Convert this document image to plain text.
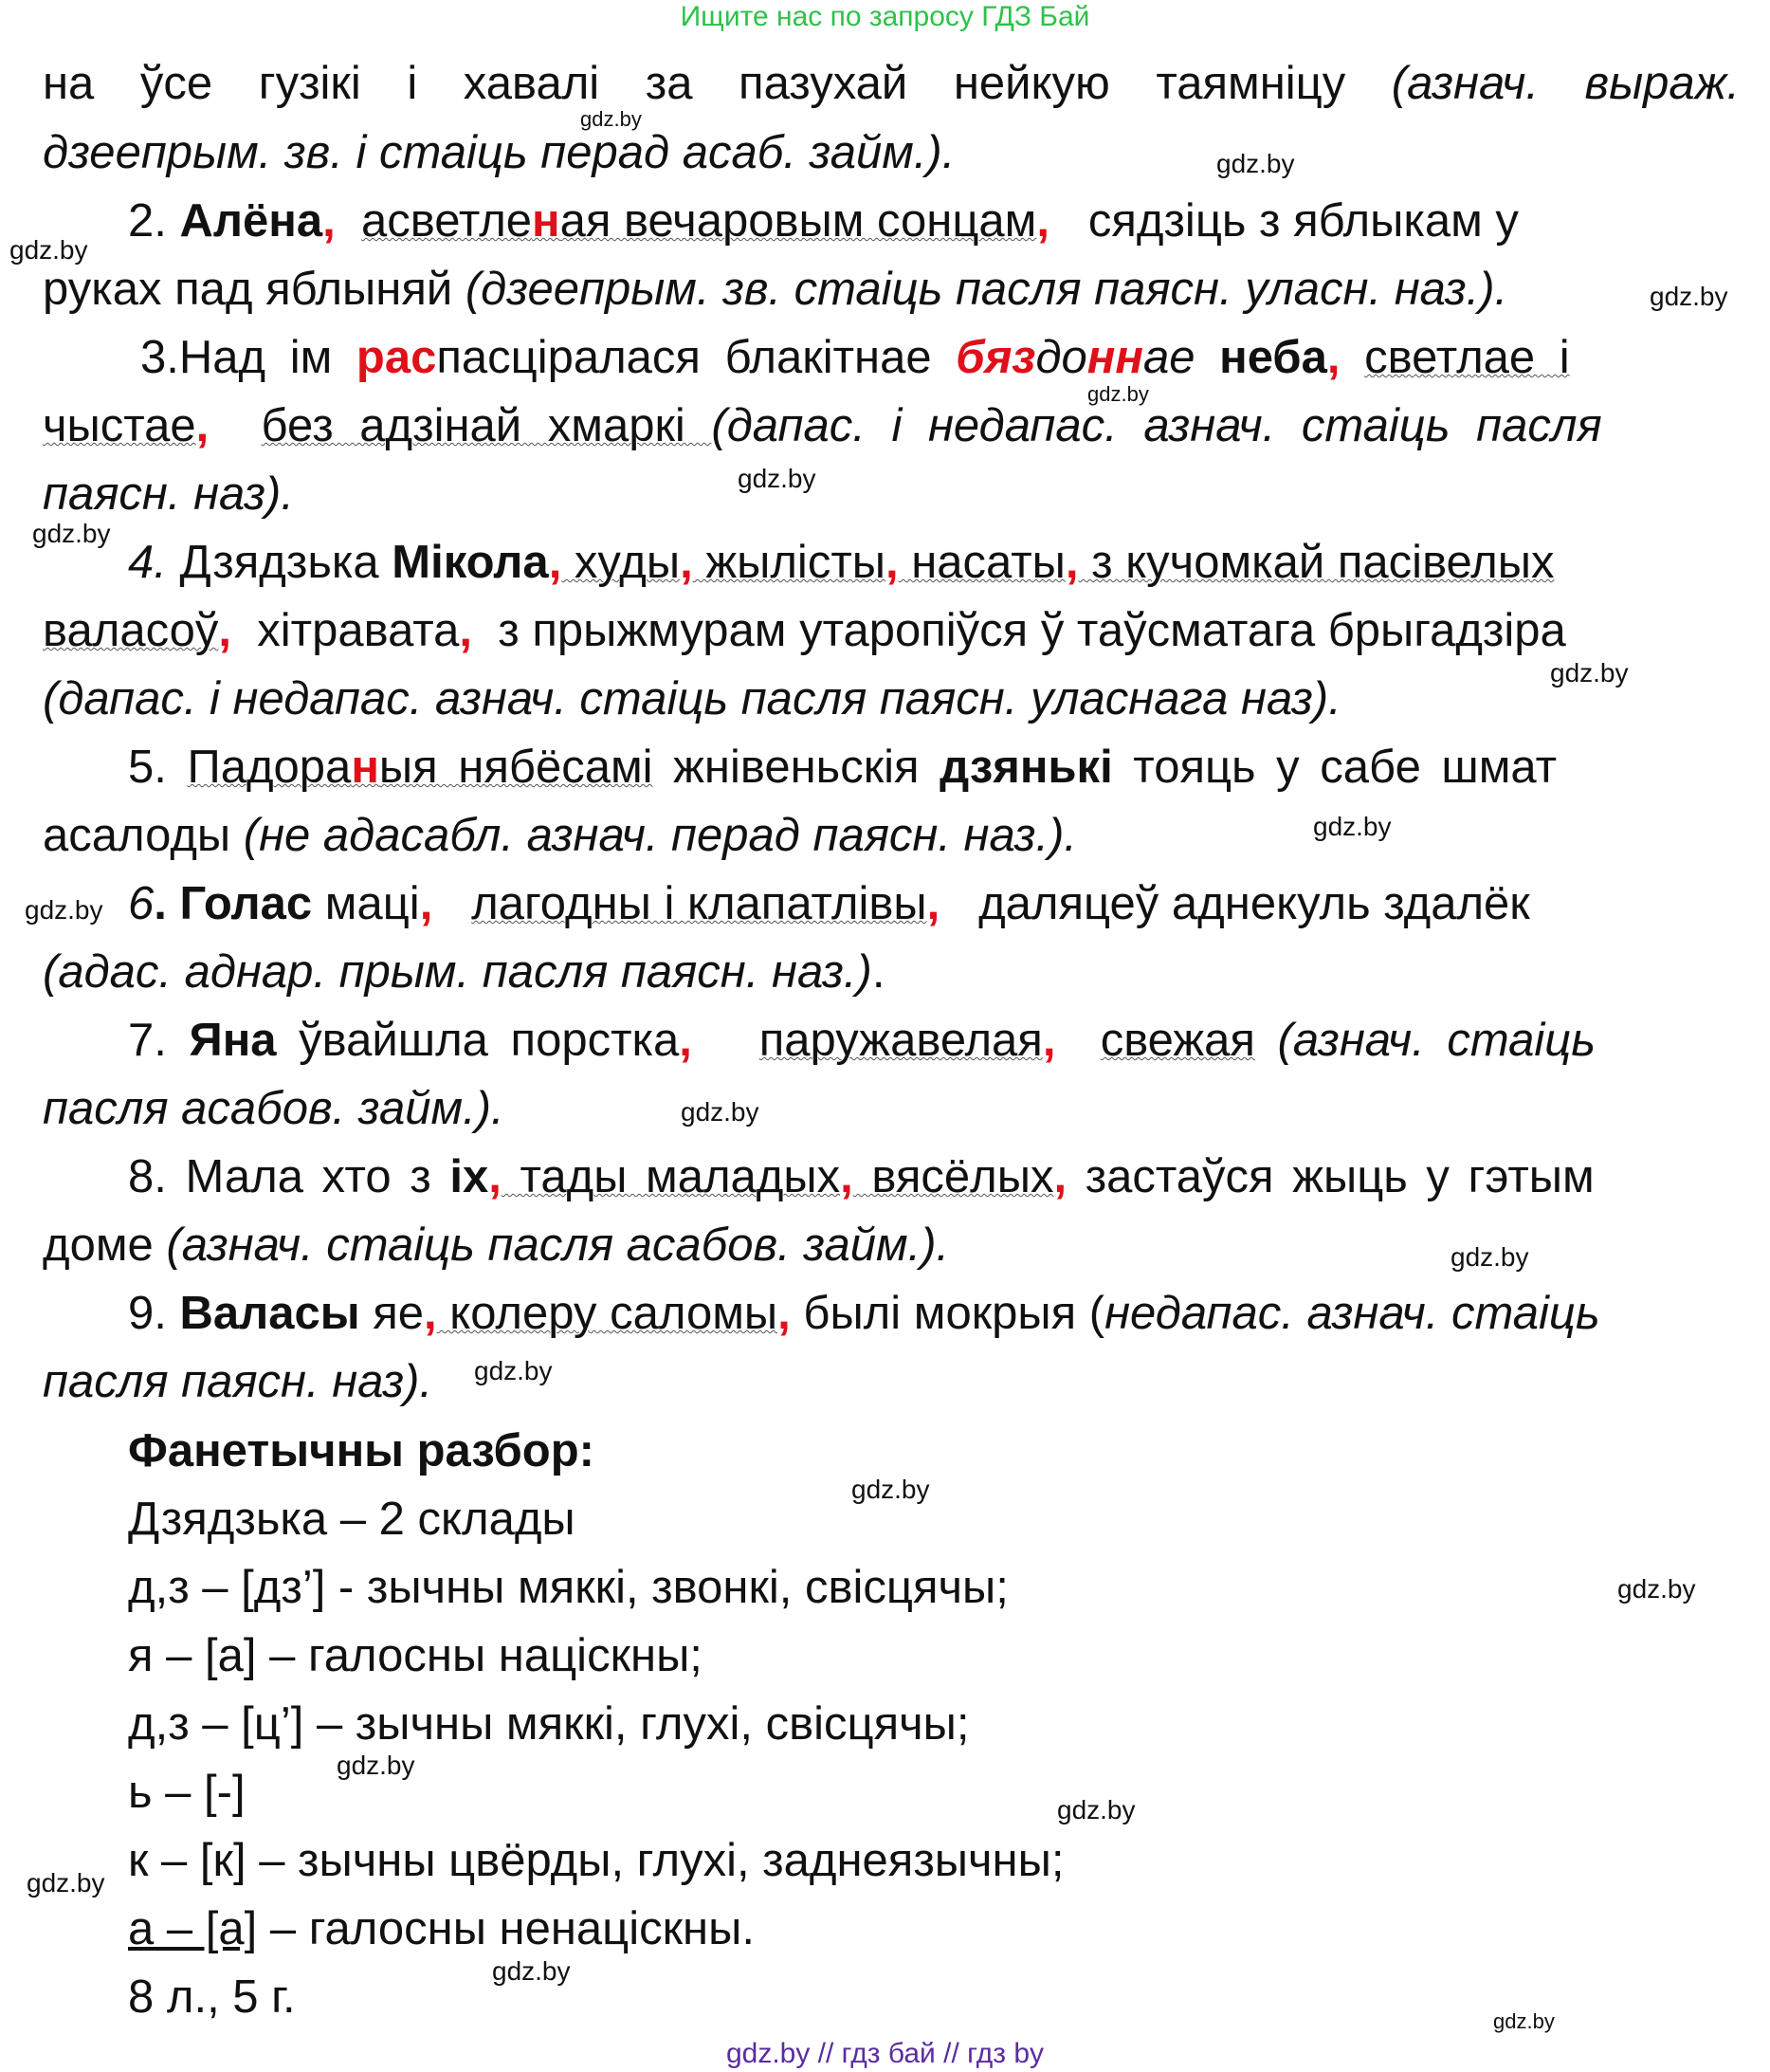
Ищите нас по запросу ГДЗ Бай
на ўсе гузікі і хавалі за пазухай нейкую таямніцу (азнач. выраж.
дзеепрым. зв. і стаіць перад асаб. займ.).
2. Алёна, асветленая вечаровым сонцам, сядзіць з яблыкам у
руках пад яблыняй (дзеепрым. зв. стаіць пасля паясн. уласн. наз.).
3.Над ім распасціралася блакітнае бяздоннае неба, светлае і
чыстае, без адзінай хмаркі (дапас. і недапас. азнач. стаіць пасля
паясн. наз).
4. Дзядзька Мікола, худы, жылісты, насаты, з кучомкай пасівелых
валасоў, хітравата, з прыжмурам утаропіўся ў таўсматага брыгадзіра
(дапас. і недапас. азнач. стаіць пасля паясн. уласнага наз).
5. Падораныя нябёсамі жнівеньскія дзянькі тояць у сабе шмат
асалоды (не адасабл. азнач. перад паясн. наз.).
6. Голас маці, лагодны і клапатлівы, даляцеў аднекуль здалёк
(адас. аднар. прым. пасля паясн. наз.).
7. Яна ўвайшла порстка, паружавелая, свежая (азнач. стаіць
пасля асабов. займ.).
8. Мала хто з іх, тады маладых, вясёлых, застаўся жыць у гэтым
доме (азнач. стаіць пасля асабов. займ.).
9. Валасы яе, колеру саломы, былі мокрыя (недапас. азнач. стаіць
пасля паясн. наз).
Фанетычны разбор:
Дзядзька – 2 склады
д,з – [дз’] - зычны мяккі, звонкі, свісцячы;
я – [а] – галосны націскны;
д,з – [ц’] – зычны мяккі, глухі, свісцячы;
ь – [-]
к – [к] – зычны цвёрды, глухі, заднеязычны;
а – [а] – галосны ненаціскны.
8 л., 5 г.
gdz.by
gdz.by
gdz.by
gdz.by
gdz.by
gdz.by
gdz.by
gdz.by
gdz.by
gdz.by
gdz.by
gdz.by
gdz.by
gdz.by
gdz.by
gdz.by
gdz.by
gdz.by
gdz.by
gdz.by
gdz.by // гдз бай // гдз by
